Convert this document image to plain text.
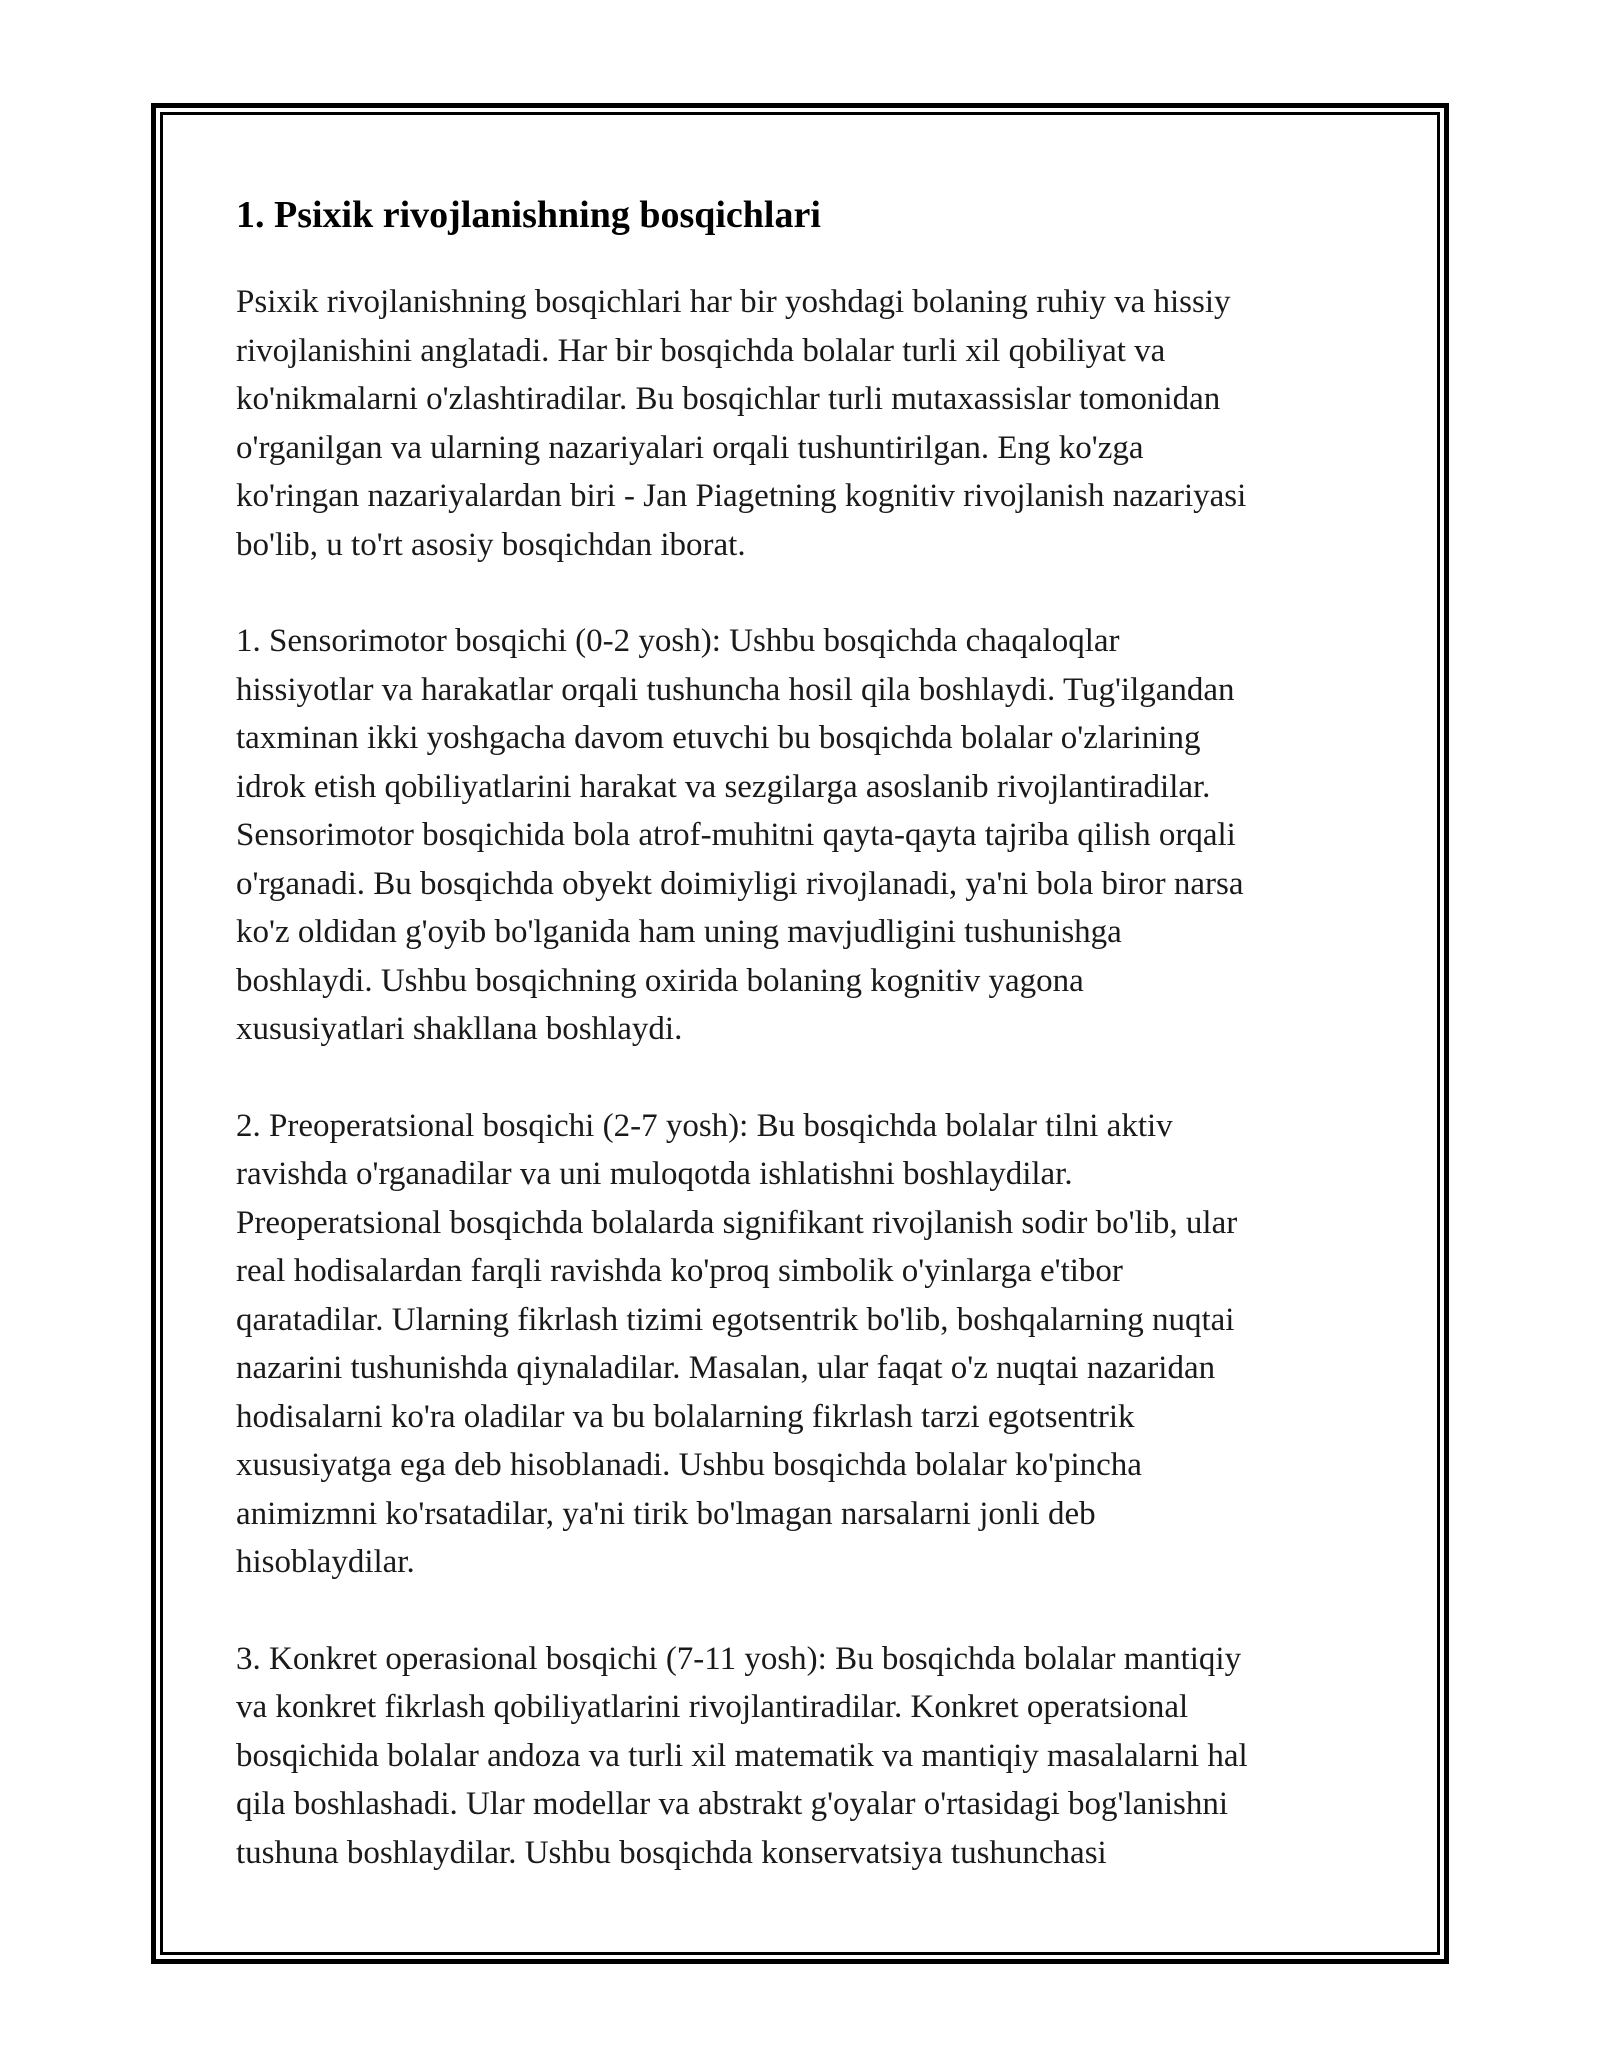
1. Psixik rivojlanishning bosqichlari

Psixik rivojlanishning bosqichlari har bir yoshdagi bolaning ruhiy va hissiy
rivojlanishini anglatadi. Har bir bosqichda bolalar turli xil qobiliyat va
ko'nikmalarni o'zlashtiradilar. Bu bosqichlar turli mutaxassislar tomonidan
o'rganilgan va ularning nazariyalari orqali tushuntirilgan. Eng ko'zga
ko'ringan nazariyalardan biri - Jan Piagetning kognitiv rivojlanish nazariyasi
bo'lib, u to'rt asosiy bosqichdan iborat.

1. Sensorimotor bosqichi (0-2 yosh): Ushbu bosqichda chaqaloqlar
hissiyotlar va harakatlar orqali tushuncha hosil qila boshlaydi. Tug'ilgandan
taxminan ikki yoshgacha davom etuvchi bu bosqichda bolalar o'zlarining
idrok etish qobiliyatlarini harakat va sezgilarga asoslanib rivojlantiradilar.
Sensorimotor bosqichida bola atrof-muhitni qayta-qayta tajriba qilish orqali
o'rganadi. Bu bosqichda obyekt doimiyligi rivojlanadi, ya'ni bola biror narsa
ko'z oldidan g'oyib bo'lganida ham uning mavjudligini tushunishga
boshlaydi. Ushbu bosqichning oxirida bolaning kognitiv yagona
xususiyatlari shakllana boshlaydi.

2. Preoperatsional bosqichi (2-7 yosh): Bu bosqichda bolalar tilni aktiv
ravishda o'rganadilar va uni muloqotda ishlatishni boshlaydilar.
Preoperatsional bosqichda bolalarda signifikant rivojlanish sodir bo'lib, ular
real hodisalardan farqli ravishda ko'proq simbolik o'yinlarga e'tibor
qaratadilar. Ularning fikrlash tizimi egotsentrik bo'lib, boshqalarning nuqtai
nazarini tushunishda qiynaladilar. Masalan, ular faqat o'z nuqtai nazaridan
hodisalarni ko'ra oladilar va bu bolalarning fikrlash tarzi egotsentrik
xususiyatga ega deb hisoblanadi. Ushbu bosqichda bolalar ko'pincha
animizmni ko'rsatadilar, ya'ni tirik bo'lmagan narsalarni jonli deb
hisoblaydilar.

3. Konkret operasional bosqichi (7-11 yosh): Bu bosqichda bolalar mantiqiy
va konkret fikrlash qobiliyatlarini rivojlantiradilar. Konkret operatsional
bosqichida bolalar andoza va turli xil matematik va mantiqiy masalalarni hal
qila boshlashadi. Ular modellar va abstrakt g'oyalar o'rtasidagi bog'lanishni
tushuna boshlaydilar. Ushbu bosqichda konservatsiya tushunchasi
